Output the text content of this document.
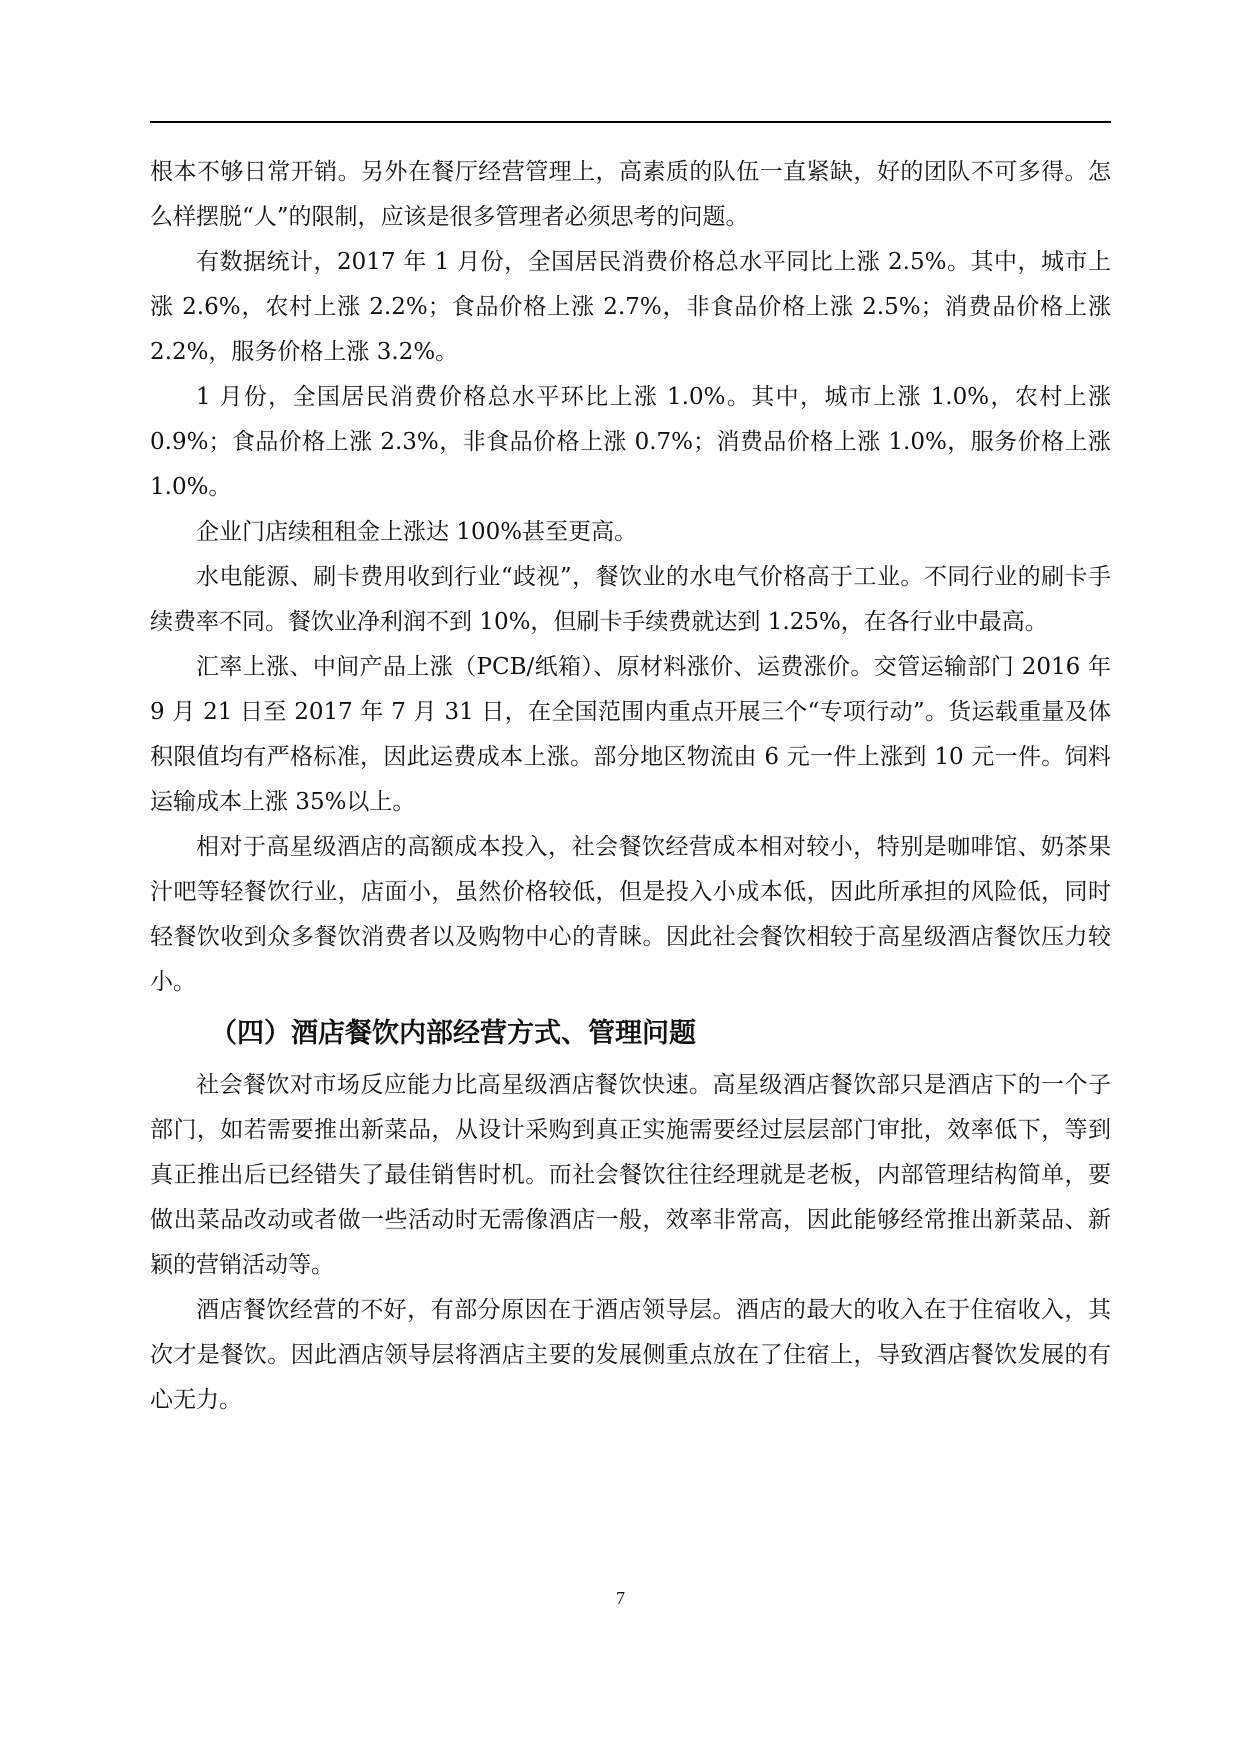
根本不够日常开销。另外在餐厅经营管理上，高素质的队伍一直紧缺，好的团队不可多得。怎么样摆脱“人”的限制，应该是很多管理者必须思考的问题。

有数据统计，2017 年 1 月份，全国居民消费价格总水平同比上涨 2.5%。其中，城市上涨 2.6%，农村上涨 2.2%；食品价格上涨 2.7%，非食品价格上涨 2.5%；消费品价格上涨 2.2%，服务价格上涨 3.2%。

1 月份，全国居民消费价格总水平环比上涨 1.0%。其中，城市上涨 1.0%，农村上涨 0.9%；食品价格上涨 2.3%，非食品价格上涨 0.7%；消费品价格上涨 1.0%，服务价格上涨 1.0%。

企业门店续租租金上涨达 100%甚至更高。

水电能源、刷卡费用收到行业“歧视”，餐饮业的水电气价格高于工业。不同行业的刷卡手续费率不同。餐饮业净利润不到 10%，但刷卡手续费就达到 1.25%，在各行业中最高。

汇率上涨、中间产品上涨（PCB/纸箱）、原材料涨价、运费涨价。交管运输部门 2016 年 9 月 21 日至 2017 年 7 月 31 日，在全国范围内重点开展三个“专项行动”。货运载重量及体积限值均有严格标准，因此运费成本上涨。部分地区物流由 6 元一件上涨到 10 元一件。饲料运输成本上涨 35%以上。

相对于高星级酒店的高额成本投入，社会餐饮经营成本相对较小，特别是咖啡馆、奶茶果汁吧等轻餐饮行业，店面小，虽然价格较低，但是投入小成本低，因此所承担的风险低，同时轻餐饮收到众多餐饮消费者以及购物中心的青睐。因此社会餐饮相较于高星级酒店餐饮压力较小。

（四）酒店餐饮内部经营方式、管理问题

社会餐饮对市场反应能力比高星级酒店餐饮快速。高星级酒店餐饮部只是酒店下的一个子部门，如若需要推出新菜品，从设计采购到真正实施需要经过层层部门审批，效率低下，等到真正推出后已经错失了最佳销售时机。而社会餐饮往往经理就是老板，内部管理结构简单，要做出菜品改动或者做一些活动时无需像酒店一般，效率非常高，因此能够经常推出新菜品、新颖的营销活动等。

酒店餐饮经营的不好，有部分原因在于酒店领导层。酒店的最大的收入在于住宿收入，其次才是餐饮。因此酒店领导层将酒店主要的发展侧重点放在了住宿上，导致酒店餐饮发展的有心无力。

7
